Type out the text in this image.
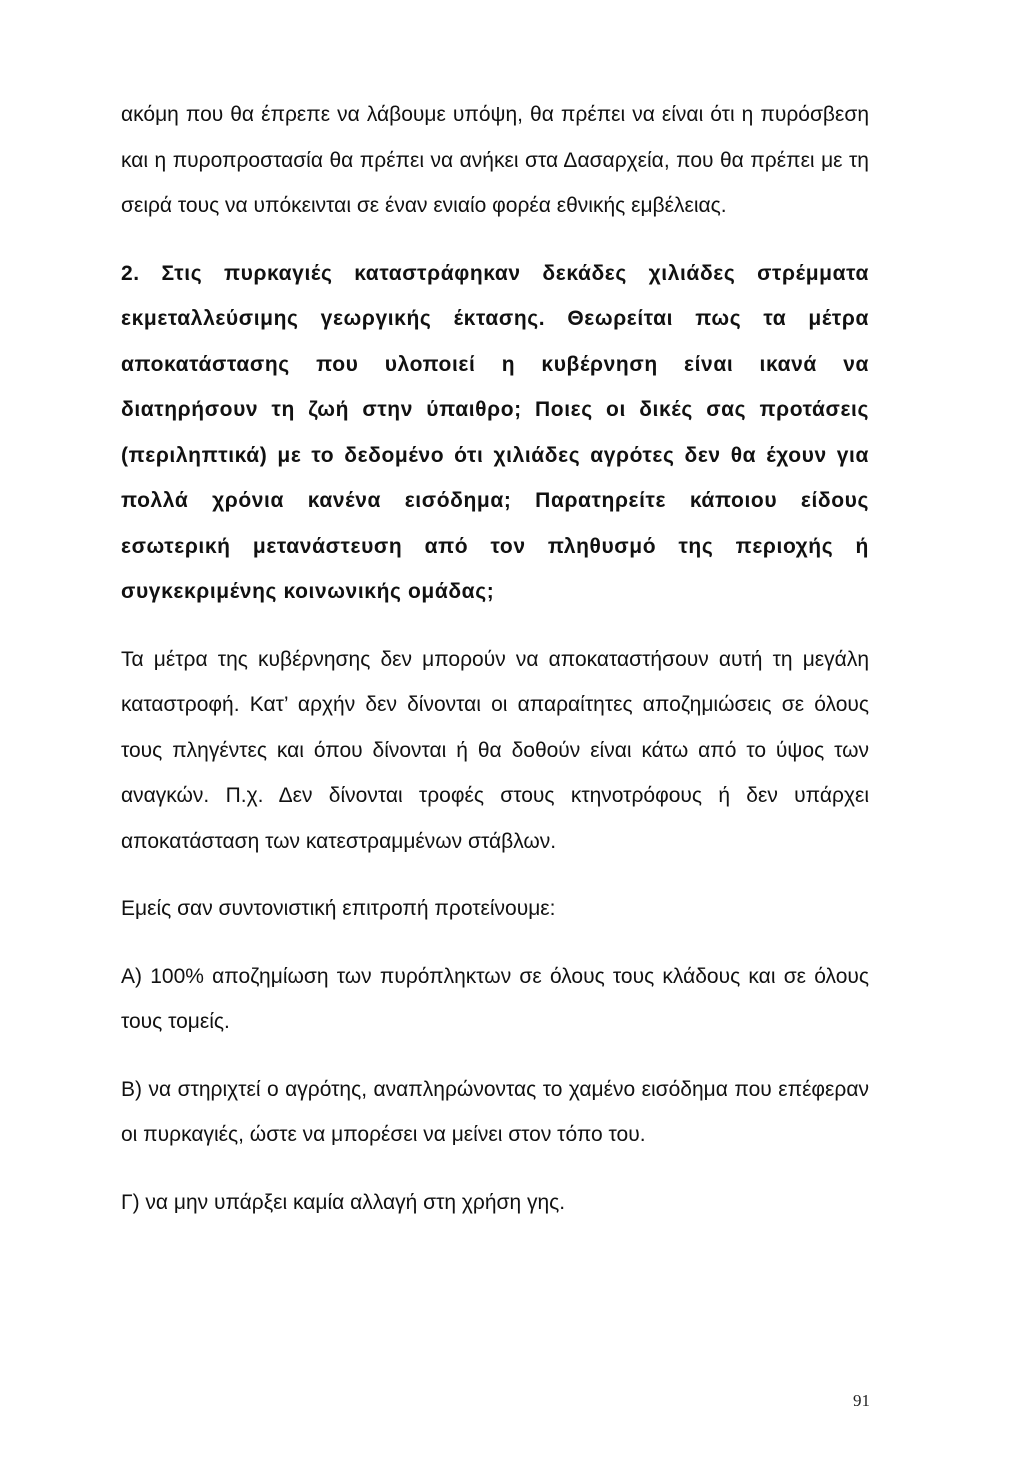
ακόμη που θα έπρεπε να λάβουμε υπόψη, θα πρέπει να είναι ότι η πυρόσβεση και η πυροπροστασία θα πρέπει να ανήκει στα Δασαρχεία, που θα πρέπει με τη σειρά τους να υπόκεινται σε έναν ενιαίο φορέα εθνικής εμβέλειας.

2. Στις πυρκαγιές καταστράφηκαν δεκάδες χιλιάδες στρέμματα εκμεταλλεύσιμης γεωργικής έκτασης. Θεωρείται πως τα μέτρα αποκατάστασης που υλοποιεί η κυβέρνηση είναι ικανά να διατηρήσουν τη ζωή στην ύπαιθρο; Ποιες οι δικές σας προτάσεις (περιληπτικά) με το δεδομένο ότι χιλιάδες αγρότες δεν θα έχουν για πολλά χρόνια κανένα εισόδημα; Παρατηρείτε κάποιου είδους εσωτερική μετανάστευση από τον πληθυσμό της περιοχής ή συγκεκριμένης κοινωνικής ομάδας;

Τα μέτρα της κυβέρνησης δεν μπορούν να αποκαταστήσουν αυτή τη μεγάλη καταστροφή. Κατ’ αρχήν δεν δίνονται οι απαραίτητες αποζημιώσεις σε όλους τους πληγέντες και όπου δίνονται ή θα δοθούν είναι κάτω από το ύψος των αναγκών. Π.χ. Δεν δίνονται τροφές στους κτηνοτρόφους ή δεν υπάρχει αποκατάσταση των κατεστραμμένων στάβλων.

Εμείς σαν συντονιστική επιτροπή προτείνουμε:

Α) 100% αποζημίωση των πυρόπληκτων σε όλους τους κλάδους και σε όλους τους τομείς.

Β) να στηριχτεί ο αγρότης, αναπληρώνοντας το χαμένο εισόδημα που επέφεραν οι πυρκαγιές, ώστε να μπορέσει να μείνει στον τόπο του.

Γ) να μην υπάρξει καμία αλλαγή στη χρήση γης.

91
